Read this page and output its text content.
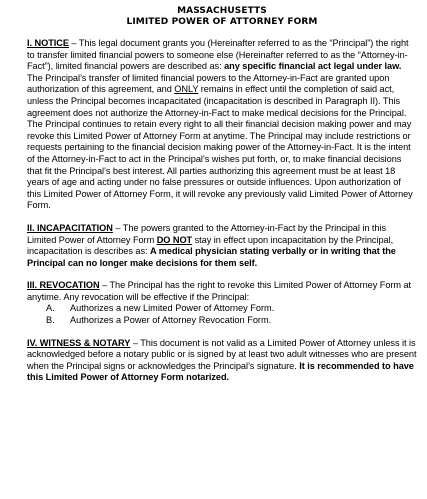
MASSACHUSETTS
LIMITED POWER OF ATTORNEY FORM

I. NOTICE – This legal document grants you (Hereinafter referred to as the “Principal”) the right to transfer limited financial powers to someone else (Hereinafter referred to as the “Attorney-in-Fact”), limited financial powers are described as: any specific financial act legal under law. The Principal’s transfer of limited financial powers to the Attorney-in-Fact are granted upon authorization of this agreement, and ONLY remains in effect until the completion of said act, unless the Principal becomes incapacitated (incapacitation is described in Paragraph II). This agreement does not authorize the Attorney-in-Fact to make medical decisions for the Principal. The Principal continues to retain every right to all their financial decision making power and may revoke this Limited Power of Attorney Form at anytime. The Principal may include restrictions or requests pertaining to the financial decision making power of the Attorney-in-Fact. It is the intent of the Attorney-in-Fact to act in the Principal’s wishes put forth, or, to make financial decisions that fit the Principal’s best interest. All parties authorizing this agreement must be at least 18 years of age and acting under no false pressures or outside influences. Upon authorization of this Limited Power of Attorney Form, it will revoke any previously valid Limited Power of Attorney Form.

II. INCAPACITATION – The powers granted to the Attorney-in-Fact by the Principal in this Limited Power of Attorney Form DO NOT stay in effect upon incapacitation by the Principal, incapacitation is describes as: A medical physician stating verbally or in writing that the Principal can no longer make decisions for them self.

III. REVOCATION – The Principal has the right to revoke this Limited Power of Attorney Form at anytime. Any revocation will be effective if the Principal:

A.	Authorizes a new Limited Power of Attorney Form.
B.	Authorizes a Power of Attorney Revocation Form.

IV. WITNESS & NOTARY – This document is not valid as a Limited Power of Attorney unless it is acknowledged before a notary public or is signed by at least two adult witnesses who are present when the Principal signs or acknowledges the Principal’s signature. It is recommended to have this Limited Power of Attorney Form notarized.
